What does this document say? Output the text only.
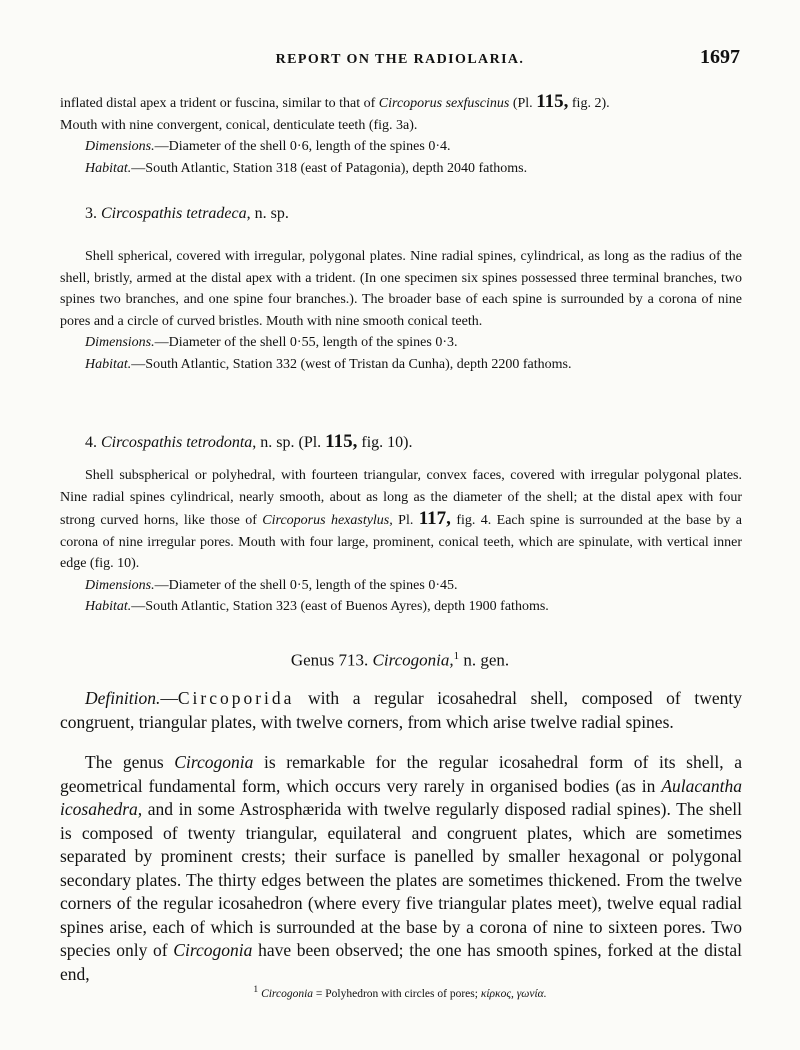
REPORT ON THE RADIOLARIA.	1697

inflated distal apex a trident or fuscina, similar to that of Circoporus sexfuscinus (Pl. 115, fig. 2).

Mouth with nine convergent, conical, denticulate teeth (fig. 3a).

Dimensions.—Diameter of the shell 0·6, length of the spines 0·4.

Habitat.—South Atlantic, Station 318 (east of Patagonia), depth 2040 fathoms.

3. Circospathis tetradeca, n. sp.

Shell spherical, covered with irregular, polygonal plates. Nine radial spines, cylindrical, as long as the radius of the shell, bristly, armed at the distal apex with a trident. (In one specimen six spines possessed three terminal branches, two spines two branches, and one spine four branches.). The broader base of each spine is surrounded by a corona of nine pores and a circle of curved bristles. Mouth with nine smooth conical teeth.

Dimensions.—Diameter of the shell 0·55, length of the spines 0·3.

Habitat.—South Atlantic, Station 332 (west of Tristan da Cunha), depth 2200 fathoms.

4. Circospathis tetrodonta, n. sp. (Pl. 115, fig. 10).

Shell subspherical or polyhedral, with fourteen triangular, convex faces, covered with irregular polygonal plates. Nine radial spines cylindrical, nearly smooth, about as long as the diameter of the shell; at the distal apex with four strong curved horns, like those of Circoporus hexastylus, Pl. 117, fig. 4. Each spine is surrounded at the base by a corona of nine irregular pores. Mouth with four large, prominent, conical teeth, which are spinulate, with vertical inner edge (fig. 10).

Dimensions.—Diameter of the shell 0·5, length of the spines 0·45.

Habitat.—South Atlantic, Station 323 (east of Buenos Ayres), depth 1900 fathoms.

Genus 713. Circogonia,$^1$ n. gen.

Definition.—Circoporida with a regular icosahedral shell, composed of twenty congruent, triangular plates, with twelve corners, from which arise twelve radial spines.

The genus Circogonia is remarkable for the regular icosahedral form of its shell, a geometrical fundamental form, which occurs very rarely in organised bodies (as in Aulacantha icosahedra, and in some Astrosphærida with twelve regularly disposed radial spines). The shell is composed of twenty triangular, equilateral and congruent plates, which are sometimes separated by prominent crests; their surface is panelled by smaller hexagonal or polygonal secondary plates. The thirty edges between the plates are sometimes thickened. From the twelve corners of the regular icosahedron (where every five triangular plates meet), twelve equal radial spines arise, each of which is surrounded at the base by a corona of nine to sixteen pores. Two species only of Circogonia have been observed; the one has smooth spines, forked at the distal end,

$^1$ Circogonia = Polyhedron with circles of pores; κίρκος, γωνία.
